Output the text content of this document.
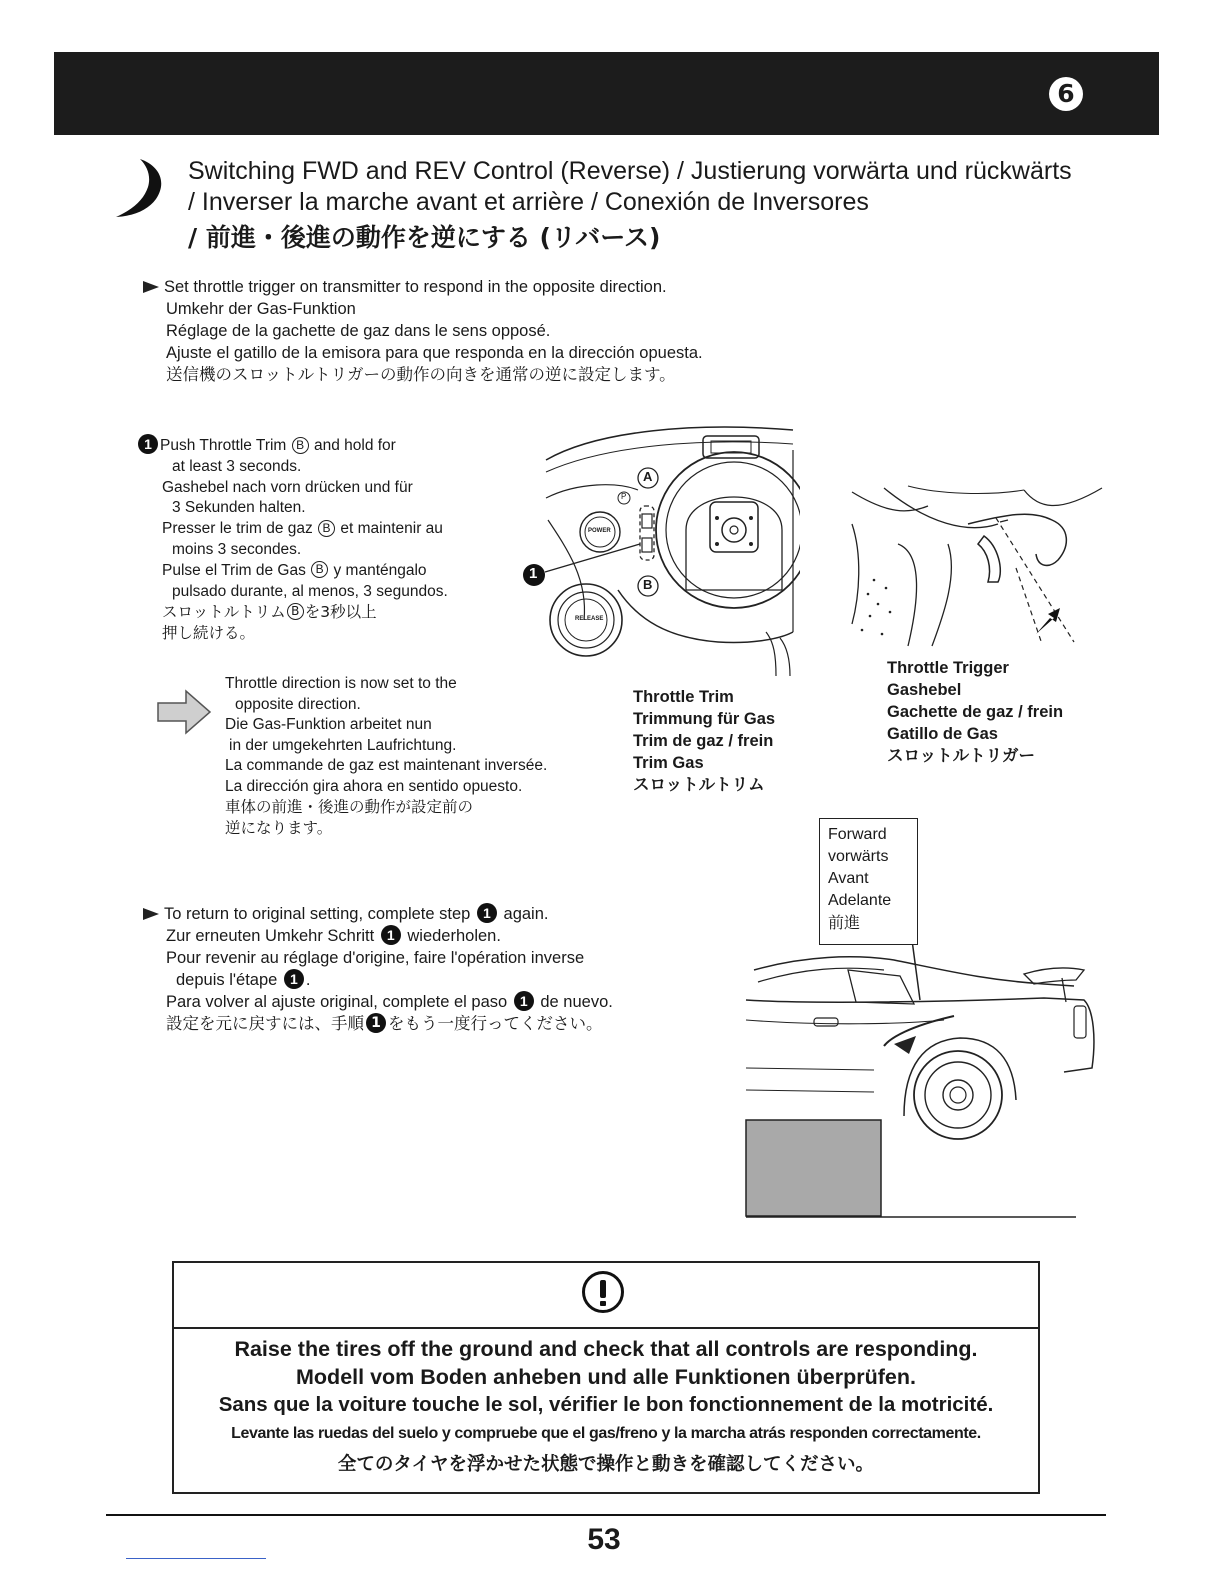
6
Switching FWD and REV Control (Reverse) / Justierung vorwärta und rückwärts
/ Inverser la marche avant et arrière / Conexión de Inversores
/ 前進・後進の動作を逆にする (リバース)
Set throttle trigger on transmitter to respond in the opposite direction.
Umkehr der Gas-Funktion
Réglage de la gachette de gaz dans le sens opposé.
Ajuste el gatillo de la emisora para que responda en la dirección opuesta.
送信機のスロットルトリガーの動作の向きを通常の逆に設定します。
1 Push Throttle Trim B and hold for
at least 3 seconds.
Gashebel nach vorn drücken und für
3 Sekunden halten.
Presser le trim de gaz B et maintenir au
moins 3 secondes.
Pulse el Trim de Gas B y manténgalo
pulsado durante, al menos, 3 segundos.
スロットルトリム B を3秒以上
押し続ける。
Throttle direction is now set to the
opposite direction.
Die Gas-Funktion arbeitet nun
in der umgekehrten Laufrichtung.
La commande de gaz est maintenant inversée.
La dirección gira ahora en sentido opuesto.
車体の前進・後進の動作が設定前の
逆になります。
A
B
P
POWER
RELEASE
1
Throttle Trim
Trimmung für Gas
Trim de gaz / frein
Trim Gas
スロットルトリム
Throttle Trigger
Gashebel
Gachette de gaz / frein
Gatillo de Gas
スロットルトリガー
To return to original setting, complete step 1 again.
Zur erneuten Umkehr Schritt 1 wiederholen.
Pour revenir au réglage d'origine, faire l'opération inverse
depuis l'étape 1 .
Para volver al ajuste original, complete el paso 1 de nuevo.
設定を元に戻すには、手順 1 をもう一度行ってください。
Forward
vorwärts
Avant
Adelante
前進
Raise the tires off the ground and check that all controls are responding.
Modell vom Boden anheben und alle Funktionen überprüfen.
Sans que la voiture touche le sol, vérifier le bon fonctionnement de la motricité.
Levante las ruedas del suelo y compruebe que el gas/freno y la marcha atrás responden correctamente.
全てのタイヤを浮かせた状態で操作と動きを確認してください。
53
